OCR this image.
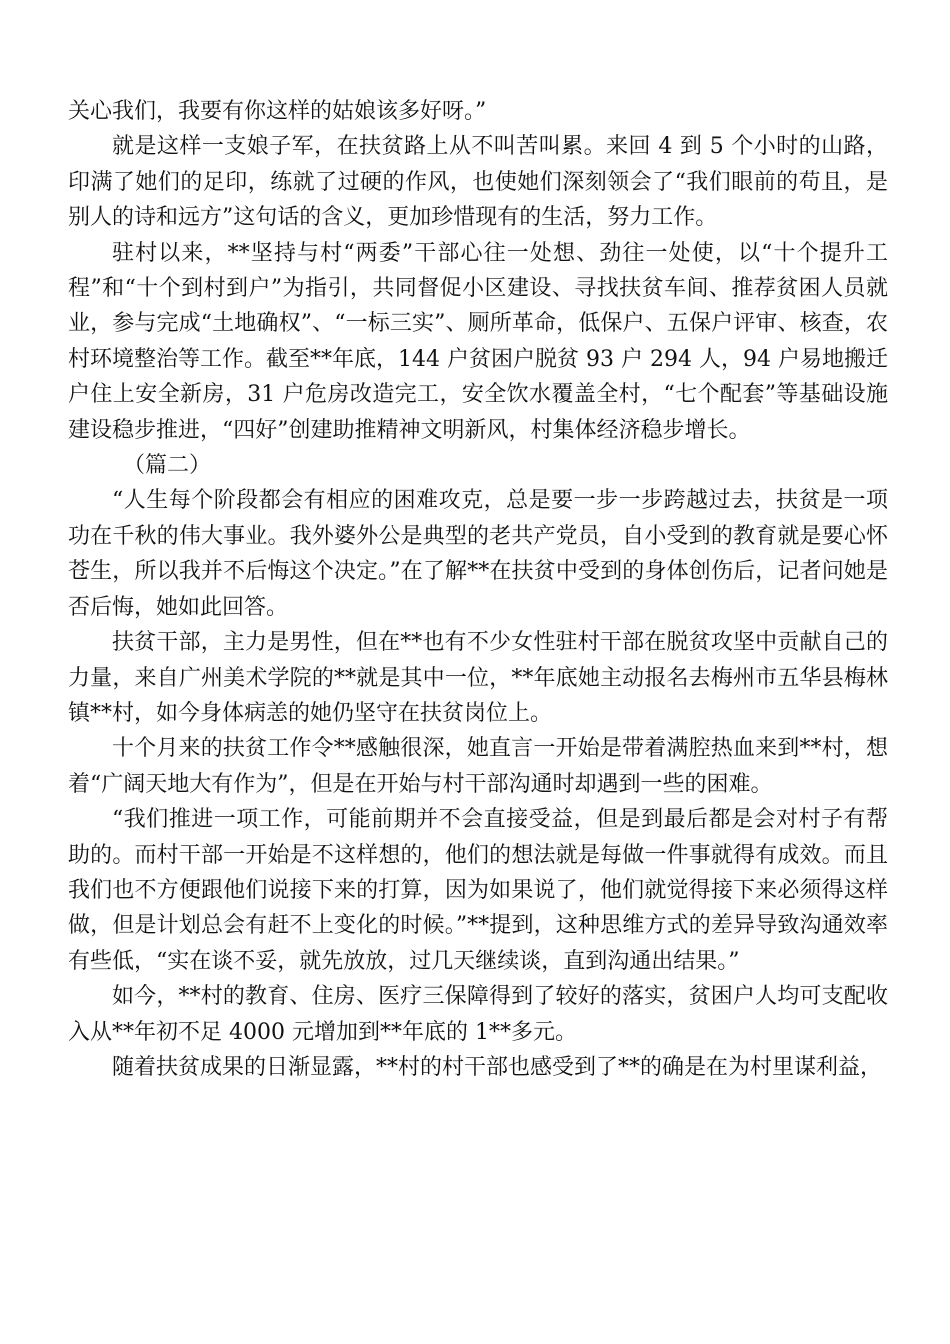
关心我们，我要有你这样的姑娘该多好呀。”

就是这样一支娘子军，在扶贫路上从不叫苦叫累。来回 4 到 5 个小时的山路，印满了她们的足印，练就了过硬的作风，也使她们深刻领会了“我们眼前的苟且，是别人的诗和远方”这句话的含义，更加珍惜现有的生活，努力工作。

驻村以来，**坚持与村“两委”干部心往一处想、劲往一处使，以“十个提升工程”和“十个到村到户”为指引，共同督促小区建设、寻找扶贫车间、推荐贫困人员就业，参与完成“土地确权”、“一标三实”、厕所革命，低保户、五保户评审、核查，农村环境整治等工作。截至**年底，144 户贫困户脱贫 93 户 294 人，94 户易地搬迁户住上安全新房，31 户危房改造完工，安全饮水覆盖全村，“七个配套”等基础设施建设稳步推进，“四好”创建助推精神文明新风，村集体经济稳步增长。

（篇二）

“人生每个阶段都会有相应的困难攻克，总是要一步一步跨越过去，扶贫是一项功在千秋的伟大事业。我外婆外公是典型的老共产党员，自小受到的教育就是要心怀苍生，所以我并不后悔这个决定。”在了解**在扶贫中受到的身体创伤后，记者问她是否后悔，她如此回答。

扶贫干部，主力是男性，但在**也有不少女性驻村干部在脱贫攻坚中贡献自己的力量，来自广州美术学院的**就是其中一位，**年底她主动报名去梅州市五华县梅林镇**村，如今身体病恙的她仍坚守在扶贫岗位上。

十个月来的扶贫工作令**感触很深，她直言一开始是带着满腔热血来到**村，想着“广阔天地大有作为”，但是在开始与村干部沟通时却遇到一些的困难。

“我们推进一项工作，可能前期并不会直接受益，但是到最后都是会对村子有帮助的。而村干部一开始是不这样想的，他们的想法就是每做一件事就得有成效。而且我们也不方便跟他们说接下来的打算，因为如果说了，他们就觉得接下来必须得这样做，但是计划总会有赶不上变化的时候。”**提到，这种思维方式的差异导致沟通效率有些低，“实在谈不妥，就先放放，过几天继续谈，直到沟通出结果。”

如今，**村的教育、住房、医疗三保障得到了较好的落实，贫困户人均可支配收入从**年初不足 4000 元增加到**年底的 1**多元。

随着扶贫成果的日渐显露，**村的村干部也感受到了**的确是在为村里谋利益，
